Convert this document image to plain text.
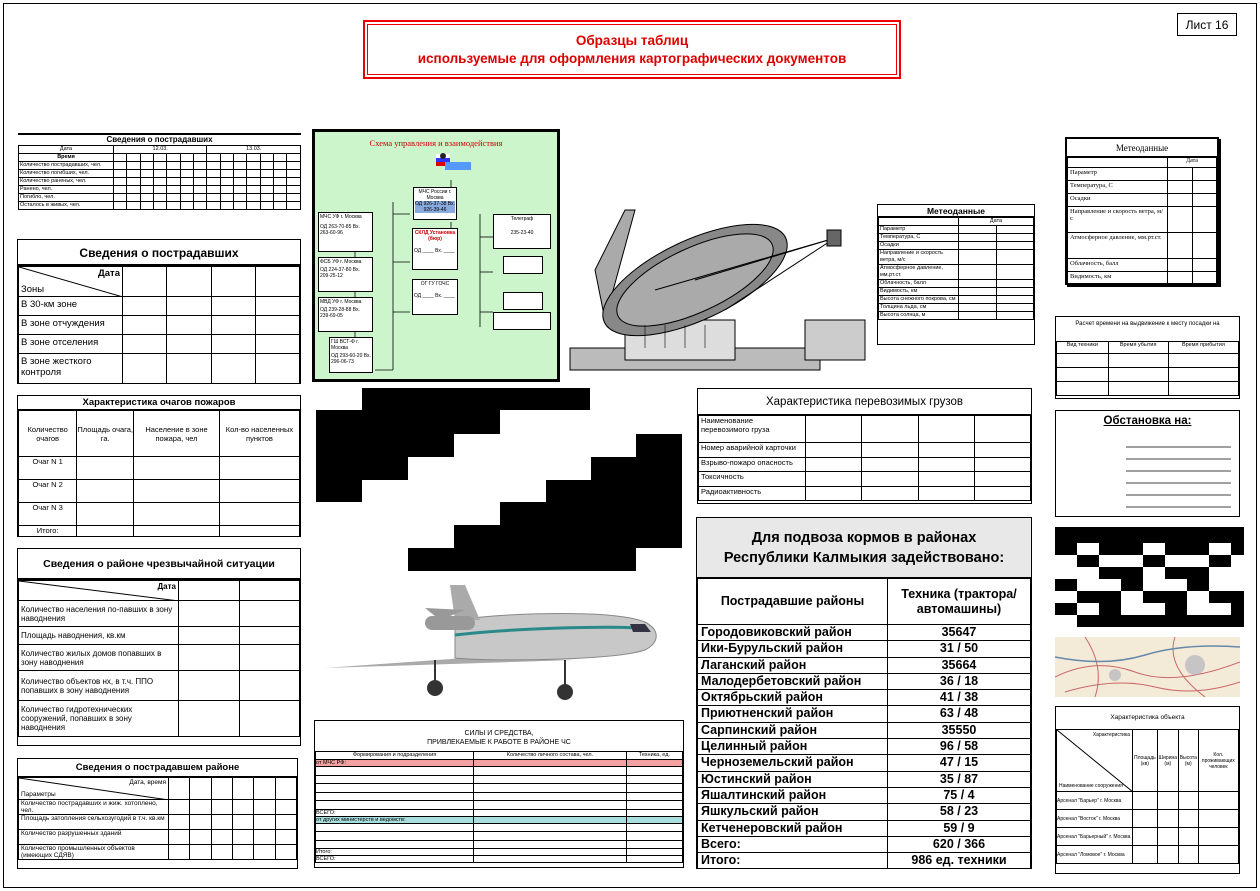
Лист 16
Образцы таблиц
используемые для оформления картографических документов
Сведения о пострадавших
Дата	12.03.							13.03.						
Время														
Количество пострадавших, чел.														
Количество погибших, чел.														
Количество раненых, чел.														
Ранено, чел.														
Погибло, чел.														
Осталось в живых, чел.														
Сведения о пострадавших
Дата
Зоны				

В 30-км зоне				
В зоне отчуждения				
В зоне отселения				
В зоне жесткого контроля				
Характеристика очагов пожаров
Количество очагов	Площадь очага, га.	Население в зоне пожара, чел	Кол-во населенных пунктов
Очаг N 1			
Очаг N 2			
Очаг N 3			
Итого:			
Сведения о районе чрезвычайной ситуации
Дата		

Количество населения по-павших в зону наводнения		
Площадь наводнения, кв.км		
Количество жилых домов попавших в зону наводнения		
Количество объектов нх, в т.ч. ППО попавших в зону наводнения		
Количество гидротехнических сооружений, попавших в зону наводнения		
Сведения о пострадавшем районе
Дата, время
Параметры						

Количество пострадавших и жиж. хотоплено, чел.						
Площадь затопления сельхозугодий в т.ч. кв.км						
Количество разрушенных зданий						
Количество промышленных объектов (имеющих СДЯВ)						
Схема управления и взаимодействия
МЧС России г. Москва
ОД 926-37-38 Вх. 926-39-46
МЧС УФ г. Москва
ОД 263-70-85 Вх. 263-60-96
ФСБ УФ г. Москва
ОД 224-37-80 Вх. 209-25-12
МВД УФ г. Москва
ОД 239-28-88 Вх. 239-69-05
ГШ ВСТ-Ф г. Москва
ОД 293-60-20 Вх. 296-06-73
СКЛД Установка (бюр)
ОД ____ Вх. ____
ОГ ГУ ГОЧС
ОД ____ Вх. ____
Телеграф
235-23-40
Метеоданные
	Дата	
Параметр		
Температура, С		
Осадки		
Направление и скорость ветра, м/с		
Атмосферное давление, мм.рт.ст.		
Облачность, балл		
Видимость, км		
Высота снежного покрова, см		
Толщина льда, см		
Высота солнца, м		
Метеоданные
	Дата	
Параметр		
Температура, С		
Осадки		
Направление и скорость ветра, м/с		
Атмосферное давление, мм.рт.ст.		
Облачность, балл		
Видимость, км		
Расчет времени на выдвижение к месту посадки на
Вид техники	Время убытия	Время прибытия

Обстановка на:
Характеристика перевозимых грузов
Наименование перевозимого груза				
Номер аварийной карточки				
Взрыво-пожаро опасность				
Токсичность				
Радиоактивность				
СИЛЫ И СРЕДСТВА,
ПРИВЛЕКАЕМЫЕ К РАБОТЕ В РАЙОНЕ ЧС
Формирования и подразделения	Количество личного состава, чел.	Техника, ед.
от МЧС РФ:		

ВСЕГО:		
от других министерств и ведомств:		

Итого:		
ВСЕГО:		
Для подвоза кормов в районах
Республики Калмыкия задействовано:
Пострадавшие районы	Техника (трактора/автомашины)
Городовиковский район	35647
Ики-Бурульский район	31 / 50
Лаганский район	35664
Малодербетовский район	36 / 18
Октябрьский район	41 / 38
Приютненский район	63 / 48
Сарпинский район	35550
Целинный район	96 / 58
Черноземельский район	47 / 15
Юстинский район	35 / 87
Яшалтинский район	75 / 4
Яшкульский район	58 / 23
Кетченеровский район	59 / 9
Всего:	620 / 366
Итого:	986 ед. техники
Характеристика объекта
Характеристика
Наименование сооружения	Площадь (кв)	Ширина (м)	Высота (м)	Кол. проживающих человек
Арсенал "Барьер" г. Москва				
Арсенал "Восток" г. Москва				
Арсенал "Барьерный" г. Москва				
Арсенал "Ломовое" г. Москва				
